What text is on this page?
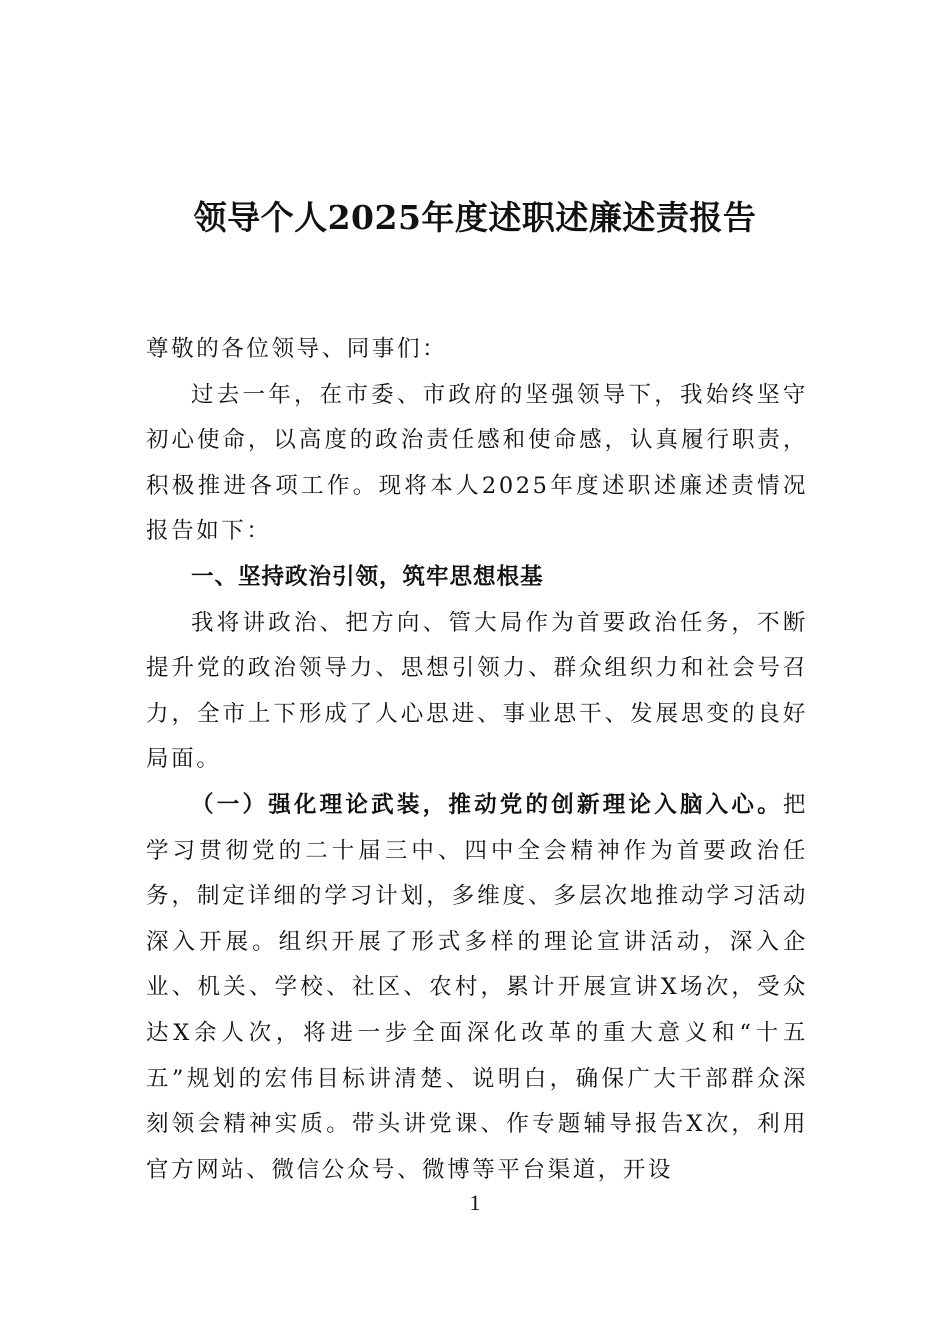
领导个人2025年度述职述廉述责报告

尊敬的各位领导、同事们：

过去一年，在市委、市政府的坚强领导下，我始终坚守初心使命，以高度的政治责任感和使命感，认真履行职责，积极推进各项工作。现将本人2025年度述职述廉述责情况报告如下：

一、坚持政治引领，筑牢思想根基

我将讲政治、把方向、管大局作为首要政治任务，不断提升党的政治领导力、思想引领力、群众组织力和社会号召力，全市上下形成了人心思进、事业思干、发展思变的良好局面。

（一）强化理论武装，推动党的创新理论入脑入心。把学习贯彻党的二十届三中、四中全会精神作为首要政治任务，制定详细的学习计划，多维度、多层次地推动学习活动深入开展。组织开展了形式多样的理论宣讲活动，深入企业、机关、学校、社区、农村，累计开展宣讲X场次，受众达X余人次，将进一步全面深化改革的重大意义和“十五五”规划的宏伟目标讲清楚、说明白，确保广大干部群众深刻领会精神实质。带头讲党课、作专题辅导报告X次，利用官方网站、微信公众号、微博等平台渠道，开设

1
